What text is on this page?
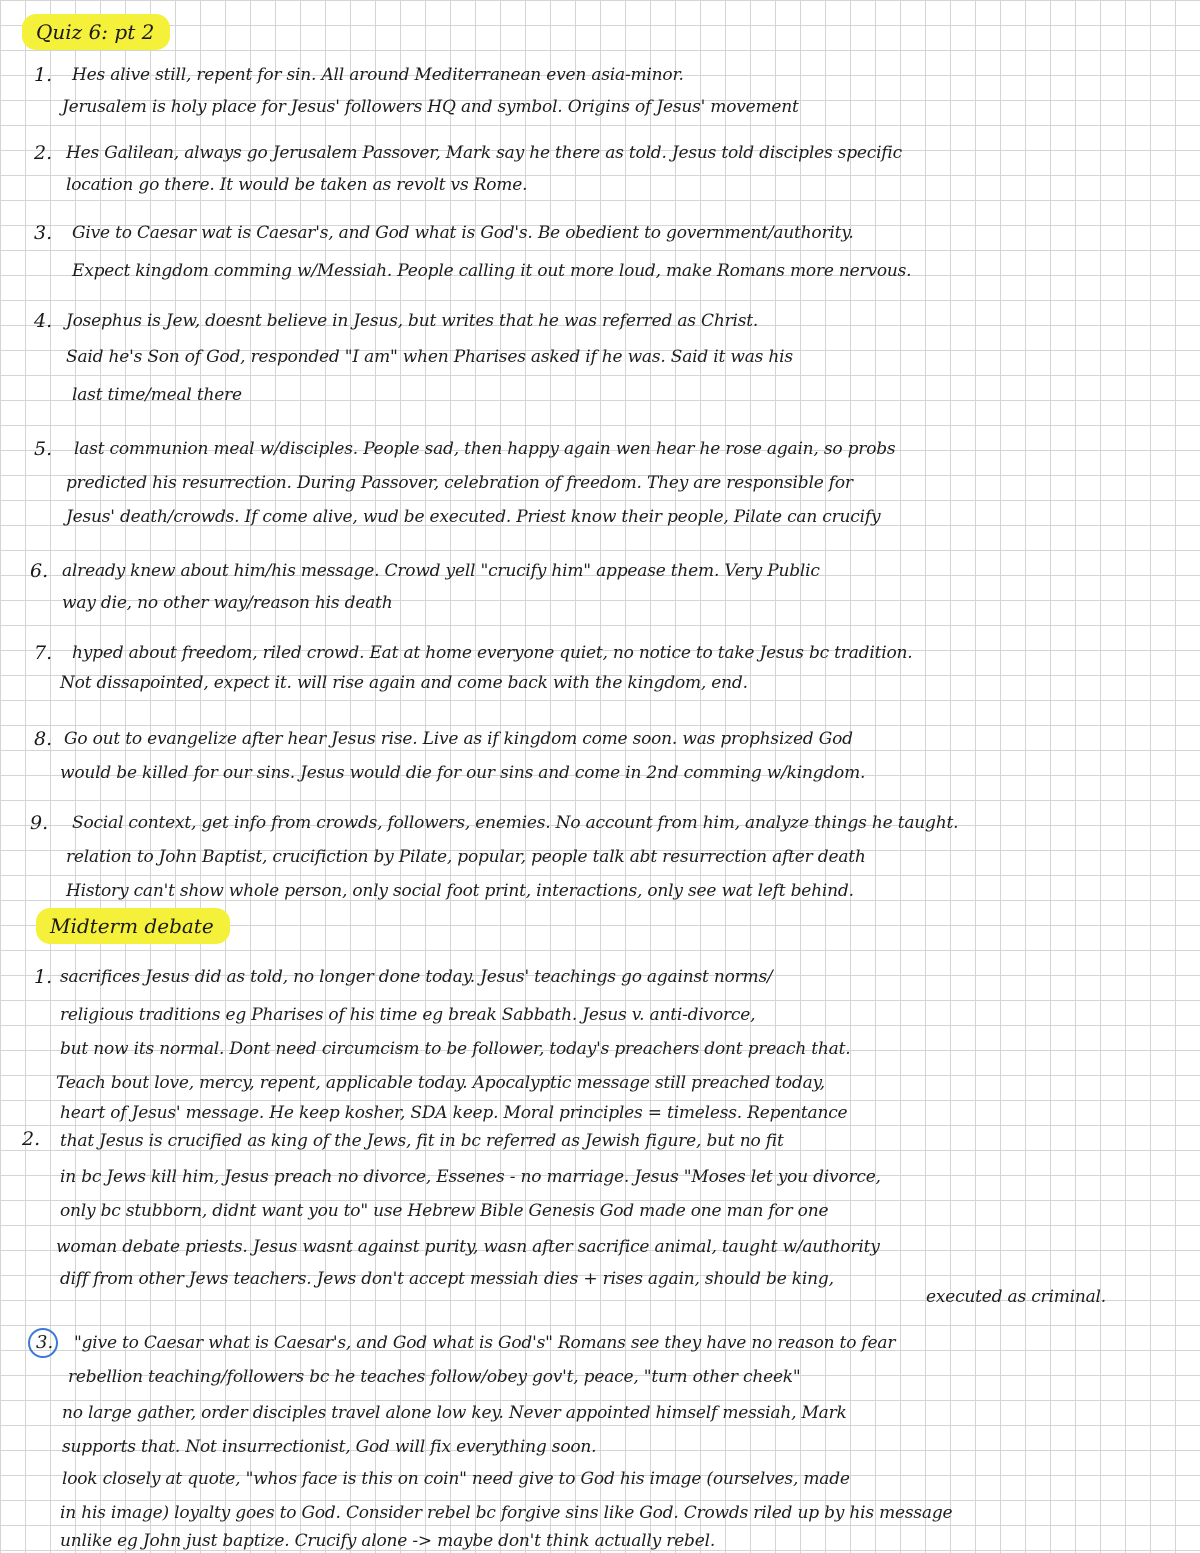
Quiz 6: pt 2
1. Hes alive still, repent for sin. All around Mediterranean even asia-minor.
Jerusalem is holy place for Jesus' followers HQ and symbol. Origins of Jesus' movement
2. Hes Galilean, always go Jerusalem Passover, Mark say he there as told. Jesus told disciples specific
location go there. It would be taken as revolt vs Rome.
3. Give to Caesar wat is Caesar's, and God what is God's. Be obedient to government/authority.
Expect kingdom comming w/Messiah. People calling it out more loud, make Romans more nervous.
4. Josephus is Jew, doesnt believe in Jesus, but writes that he was referred as Christ.
Said he's Son of God, responded "I am" when Pharises asked if he was. Said it was his
last time/meal there
5. last communion meal w/disciples. People sad, then happy again wen hear he rose again, so probs
predicted his resurrection. During Passover, celebration of freedom. They are responsible for
Jesus' death/crowds. If come alive, wud be executed. Priest know their people, Pilate can crucify
6. already knew about him/his message. Crowd yell "crucify him" appease them. Very Public
way die, no other way/reason his death
7. hyped about freedom, riled crowd. Eat at home everyone quiet, no notice to take Jesus bc tradition.
Not dissapointed, expect it. will rise again and come back with the kingdom, end.
8. Go out to evangelize after hear Jesus rise. Live as if kingdom come soon. was prophsized God
would be killed for our sins. Jesus would die for our sins and come in 2nd comming w/kingdom.
9. Social context, get info from crowds, followers, enemies. No account from him, analyze things he taught.
relation to John Baptist, crucifiction by Pilate, popular, people talk abt resurrection after death
History can't show whole person, only social foot print, interactions, only see wat left behind.
Midterm debate
1. sacrifices Jesus did as told, no longer done today. Jesus' teachings go against norms/
religious traditions eg Pharises of his time eg break Sabbath. Jesus v. anti-divorce,
but now its normal. Dont need circumcism to be follower, today's preachers dont preach that.
Teach bout love, mercy, repent, applicable today. Apocalyptic message still preached today,
heart of Jesus' message. He keep kosher, SDA keep. Moral principles = timeless. Repentance
2. that Jesus is crucified as king of the Jews, fit in bc referred as Jewish figure, but no fit
in bc Jews kill him, Jesus preach no divorce, Essenes - no marriage. Jesus "Moses let you divorce,
only bc stubborn, didnt want you to" use Hebrew Bible Genesis God made one man for one
woman debate priests. Jesus wasnt against purity, wasn after sacrifice animal, taught w/authority
diff from other Jews teachers. Jews don't accept messiah dies + rises again, should be king,
executed as criminal.
3. "give to Caesar what is Caesar's, and God what is God's" Romans see they have no reason to fear
rebellion teaching/followers bc he teaches follow/obey gov't, peace, "turn other cheek"
no large gather, order disciples travel alone low key. Never appointed himself messiah, Mark
supports that. Not insurrectionist, God will fix everything soon.
look closely at quote, "whos face is this on coin" need give to God his image (ourselves, made
in his image) loyalty goes to God. Consider rebel bc forgive sins like God. Crowds riled up by his message
unlike eg John just baptize. Crucify alone -> maybe don't think actually rebel.
